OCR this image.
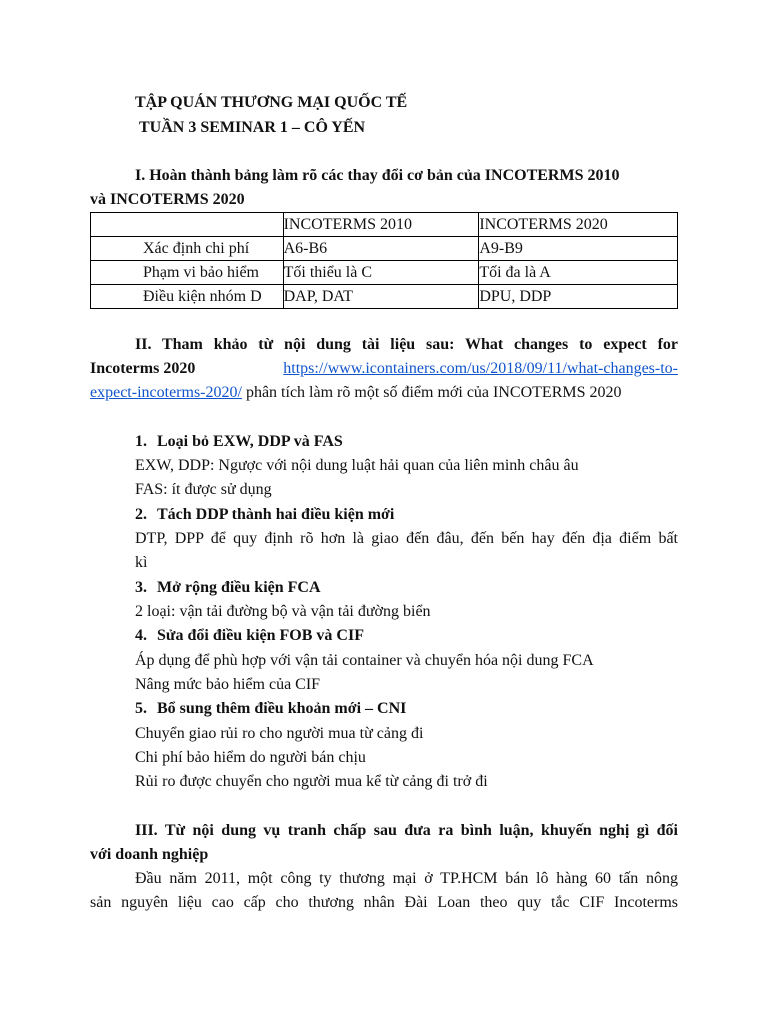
TẬP QUÁN THƯƠNG MẠI QUỐC TẾ
TUẦN 3 SEMINAR 1 – CÔ YẾN
I. Hoàn thành bảng làm rõ các thay đổi cơ bản của INCOTERMS 2010
và INCOTERMS 2020
	INCOTERMS 2010	INCOTERMS 2020
Xác định chi phí	A6-B6	A9-B9
Phạm vi bảo hiểm	Tối thiểu là C	Tối đa là A
Điều kiện nhóm D	DAP, DAT	DPU, DDP
II. Tham khảo từ nội dung tài liệu sau: What changes to expect for
Incoterms 2020	https://www.icontainers.com/us/2018/09/11/what-changes-to-
expect-incoterms-2020/ phân tích làm rõ một số điểm mới của INCOTERMS 2020
1. Loại bỏ EXW, DDP và FAS
EXW, DDP: Ngược với nội dung luật hải quan của liên minh châu âu
FAS: ít được sử dụng
2. Tách DDP thành hai điều kiện mới
DTP, DPP để quy định rõ hơn là giao đến đâu, đến bến hay đến địa điểm bất
kì
3. Mở rộng điều kiện FCA
2 loại: vận tải đường bộ và vận tải đường biển
4. Sửa đổi điều kiện FOB và CIF
Áp dụng để phù hợp với vận tải container và chuyển hóa nội dung FCA
Nâng mức bảo hiểm của CIF
5. Bổ sung thêm điều khoản mới – CNI
Chuyển giao rủi ro cho người mua từ cảng đi
Chi phí bảo hiểm do người bán chịu
Rủi ro được chuyển cho người mua kể từ cảng đi trở đi
III. Từ nội dung vụ tranh chấp sau đưa ra bình luận, khuyến nghị gì đối
với doanh nghiệp
Đầu năm 2011, một công ty thương mại ở TP.HCM bán lô hàng 60 tấn nông
sản nguyên liệu cao cấp cho thương nhân Đài Loan theo quy tắc CIF Incoterms
